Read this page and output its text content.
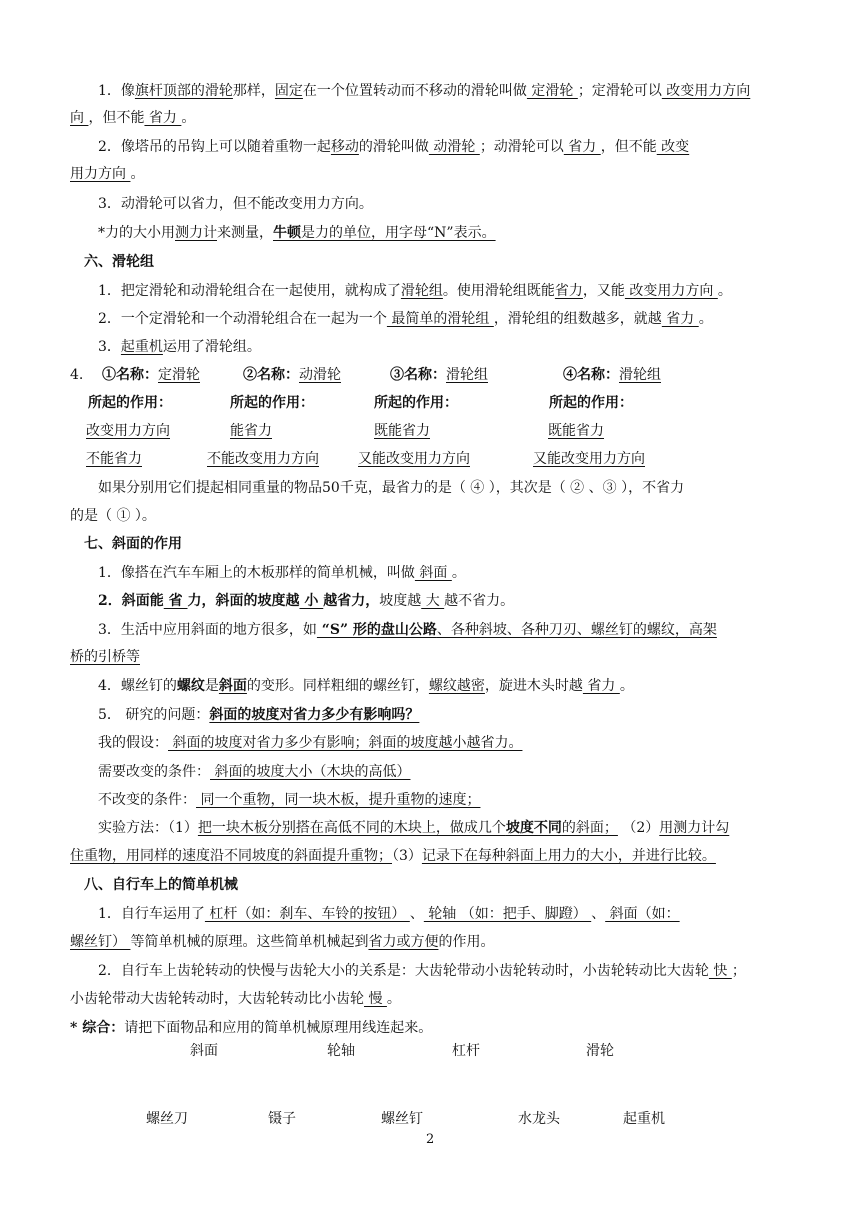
1．像旗杆顶部的滑轮那样，固定在一个位置转动而不移动的滑轮叫做 定滑轮 ；定滑轮可以 改变用力方向
向 ，但不能 省力 。
2．像塔吊的吊钩上可以随着重物一起移动的滑轮叫做 动滑轮 ；动滑轮可以 省力 ，但不能 改变
用力方向 。
3．动滑轮可以省力，但不能改变用力方向。
*力的大小用测力计来测量，牛顿是力的单位，用字母“N”表示。
六、滑轮组
1．把定滑轮和动滑轮组合在一起使用，就构成了滑轮组。使用滑轮组既能省力，又能 改变用力方向 。
2．一个定滑轮和一个动滑轮组合在一起为一个 最简单的滑轮组 ，滑轮组的组数越多，就越 省力 。
3．起重机运用了滑轮组。
4. ①名称：定滑轮	②名称：动滑轮	③名称：滑轮组	④名称：滑轮组
所起的作用：	所起的作用：	所起的作用：	所起的作用：
改变用力方向	能省力	既能省力	既能省力
不能省力	不能改变用力方向	又能改变用力方向	又能改变用力方向
如果分别用它们提起相同重量的物品50千克，最省力的是（ ④ ），其次是（ ② 、③ ），不省力
的是（ ① ）。
七、斜面的作用
1．像搭在汽车车厢上的木板那样的简单机械，叫做 斜面 。
2．斜面能 省 力，斜面的坡度越 小 越省力，坡度越 大 越不省力。
3．生活中应用斜面的地方很多，如 “S” 形的盘山公路、各种斜坡、各种刀刃、螺丝钉的螺纹，高架
桥的引桥等
4．螺丝钉的螺纹是斜面的变形。同样粗细的螺丝钉，螺纹越密，旋进木头时越 省力 。
5． 研究的问题：斜面的坡度对省力多少有影响吗？
我的假设： 斜面的坡度对省力多少有影响；斜面的坡度越小越省力。
需要改变的条件： 斜面的坡度大小（木块的高低）
不改变的条件： 同一个重物，同一块木板，提升重物的速度；
实验方法：（1）把一块木板分别搭在高低不同的木块上，做成几个坡度不同的斜面； （2）用测力计勾
住重物，用同样的速度沿不同坡度的斜面提升重物；（3）记录下在每种斜面上用力的大小，并进行比较。
八、自行车上的简单机械
1．自行车运用了 杠杆（如：刹车、车铃的按钮） 、 轮轴 （如：把手、脚蹬） 、 斜面（如：
螺丝钉） 等简单机械的原理。这些简单机械起到省力或方便的作用。
2．自行车上齿轮转动的快慢与齿轮大小的关系是：大齿轮带动小齿轮转动时，小齿轮转动比大齿轮 快 ；
小齿轮带动大齿轮转动时，大齿轮转动比小齿轮 慢 。
* 综合：请把下面物品和应用的简单机械原理用线连起来。
斜面	轮轴	杠杆	滑轮
螺丝刀	镊子	螺丝钉	水龙头	起重机
2
